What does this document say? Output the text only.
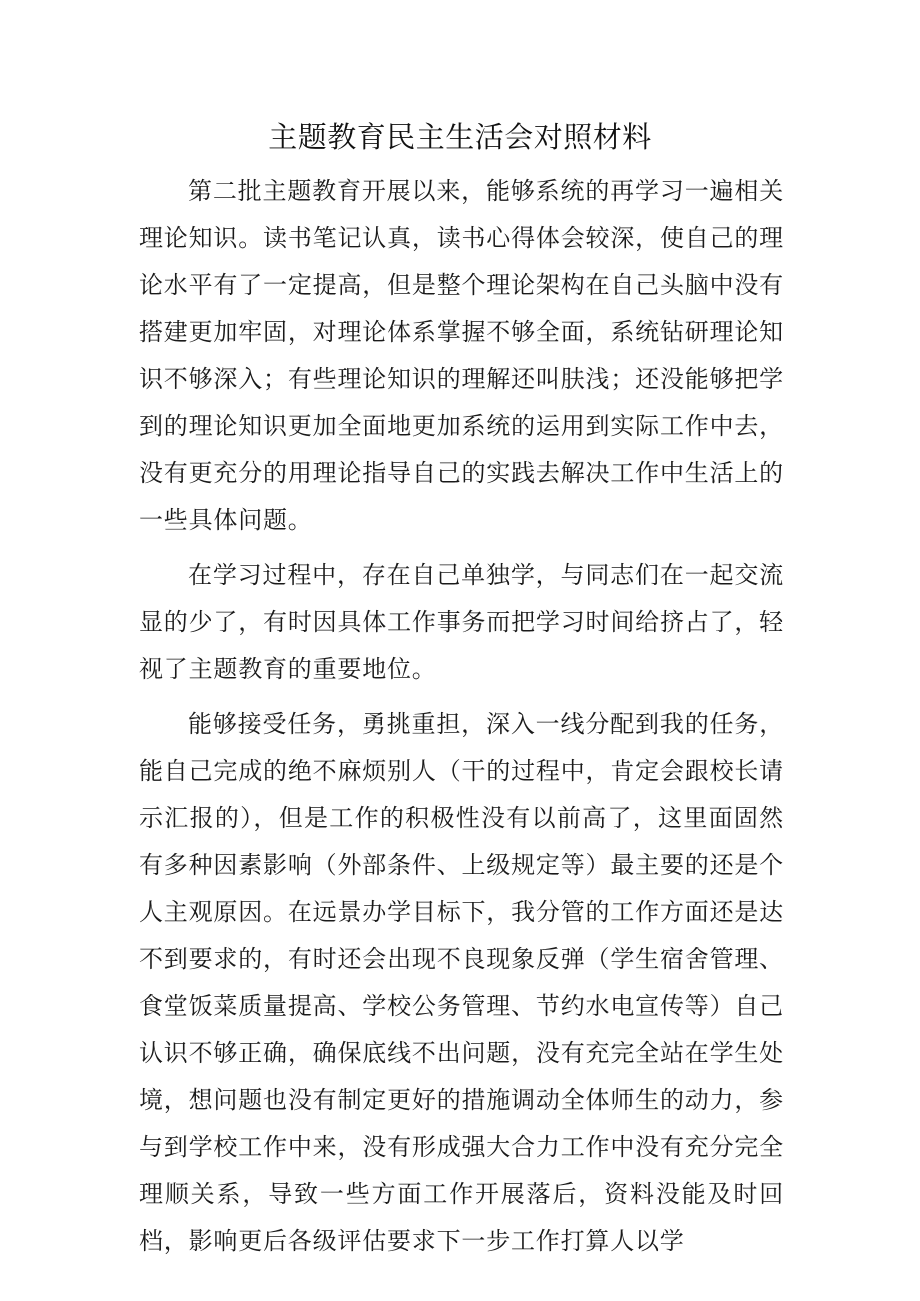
主题教育民主生活会对照材料

第二批主题教育开展以来，能够系统的再学习一遍相关理论知识。读书笔记认真，读书心得体会较深，使自己的理论水平有了一定提高，但是整个理论架构在自己头脑中没有搭建更加牢固，对理论体系掌握不够全面，系统钻研理论知识不够深入；有些理论知识的理解还叫肤浅；还没能够把学到的理论知识更加全面地更加系统的运用到实际工作中去，没有更充分的用理论指导自己的实践去解决工作中生活上的一些具体问题。

在学习过程中，存在自己单独学，与同志们在一起交流显的少了，有时因具体工作事务而把学习时间给挤占了，轻视了主题教育的重要地位。

能够接受任务，勇挑重担，深入一线分配到我的任务，能自己完成的绝不麻烦别人（干的过程中，肯定会跟校长请示汇报的），但是工作的积极性没有以前高了，这里面固然有多种因素影响（外部条件、上级规定等）最主要的还是个人主观原因。在远景办学目标下，我分管的工作方面还是达不到要求的，有时还会出现不良现象反弹（学生宿舍管理、食堂饭菜质量提高、学校公务管理、节约水电宣传等）自己认识不够正确，确保底线不出问题，没有充完全站在学生处境，想问题也没有制定更好的措施调动全体师生的动力，参与到学校工作中来，没有形成强大合力工作中没有充分完全理顺关系，导致一些方面工作开展落后，资料没能及时回档，影响更后各级评估要求下一步工作打算人以学
